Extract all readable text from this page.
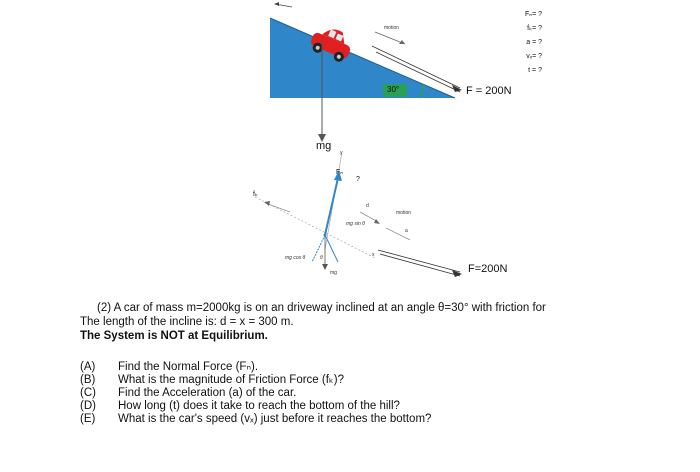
motion
30°	F = 200N
mg
Fₙ= ?
fₖ= ?
a = ?
vₓ= ?
t = ?
Fₙ
?
y
fₖ
d
motion
a
mg sin θ
mg cos θ	θ	x
mg	F=200N
(2) A car of mass m=2000kg is on an driveway inclined at an angle θ=30° with friction for
The length of the incline is: d = x = 300 m.
The System is NOT at Equilibrium.
(A) Find the Normal Force (Fₙ).
(B) What is the magnitude of Friction Force (fₖ)?
(C) Find the Acceleration (a) of the car.
(D) How long (t) does it take to reach the bottom of the hill?
(E) What is the car's speed (vₓ) just before it reaches the bottom?
